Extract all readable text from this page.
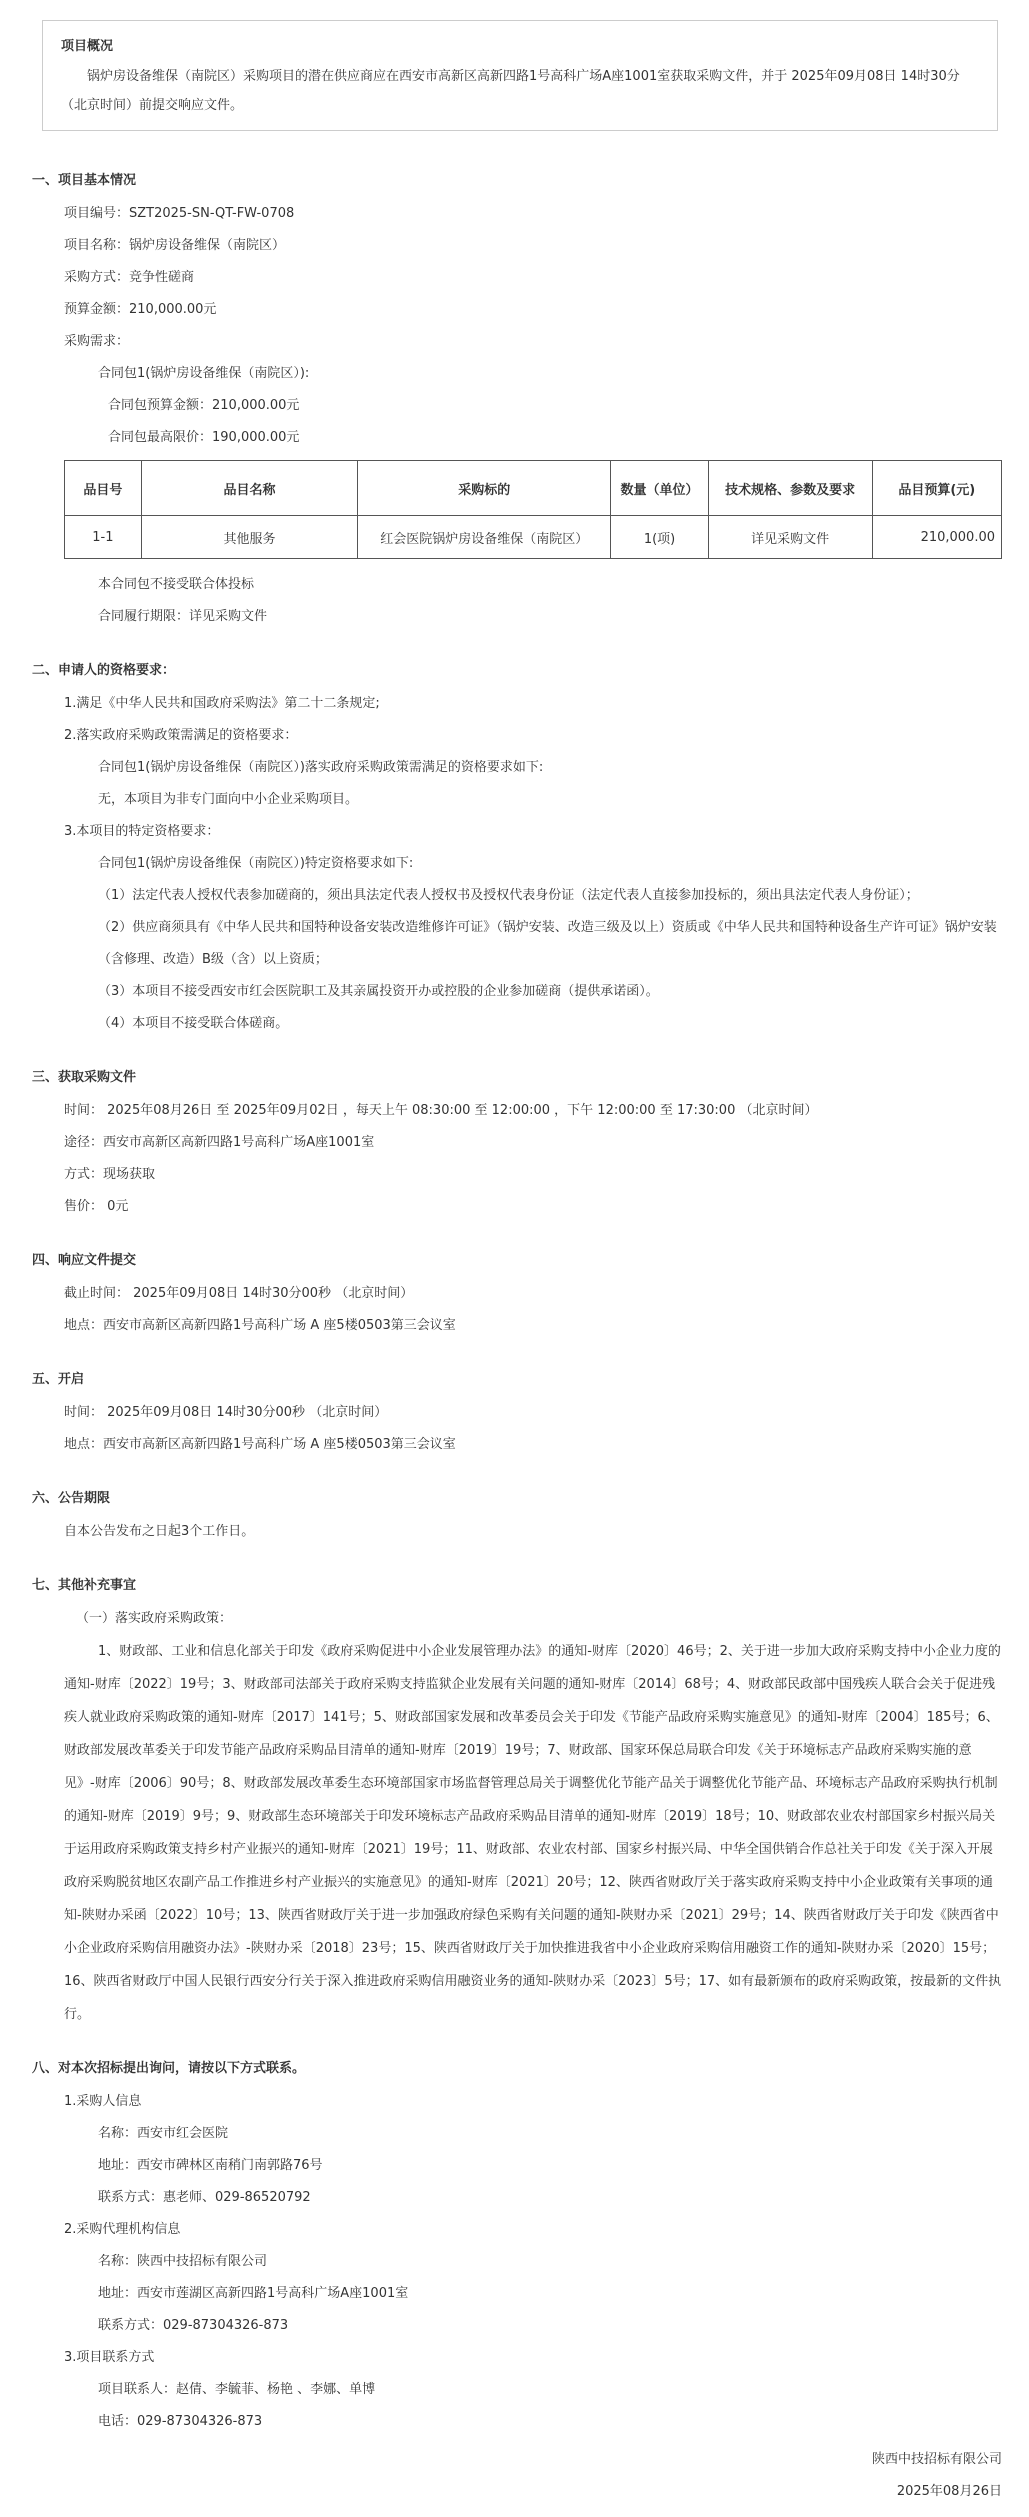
项目概况
锅炉房设备维保（南院区）采购项目的潜在供应商应在西安市高新区高新四路1号高科广场A座1001室获取采购文件，并于 2025年09月08日 14时30分 （北京时间）前提交响应文件。
一、项目基本情况
项目编号：SZT2025-SN-QT-FW-0708
项目名称：锅炉房设备维保（南院区）
采购方式：竞争性磋商
预算金额：210,000.00元
采购需求：
合同包1(锅炉房设备维保（南院区）):
合同包预算金额：210,000.00元
合同包最高限价：190,000.00元
品目号	品目名称	采购标的	数量（单位）	技术规格、参数及要求	品目预算(元)
1-1	其他服务	红会医院锅炉房设备维保（南院区）	1(项)	详见采购文件	210,000.00
本合同包不接受联合体投标
合同履行期限：详见采购文件
二、申请人的资格要求：
1.满足《中华人民共和国政府采购法》第二十二条规定;
2.落实政府采购政策需满足的资格要求：
合同包1(锅炉房设备维保（南院区）)落实政府采购政策需满足的资格要求如下:
无，本项目为非专门面向中小企业采购项目。
3.本项目的特定资格要求：
合同包1(锅炉房设备维保（南院区）)特定资格要求如下:
（1）法定代表人授权代表参加磋商的，须出具法定代表人授权书及授权代表身份证（法定代表人直接参加投标的，须出具法定代表人身份证）；
（2）供应商须具有《中华人民共和国特种设备安装改造维修许可证》（锅炉安装、改造三级及以上）资质或《中华人民共和国特种设备生产许可证》锅炉安装（含修理、改造）B级（含）以上资质；
（3）本项目不接受西安市红会医院职工及其亲属投资开办或控股的企业参加磋商（提供承诺函）。
（4）本项目不接受联合体磋商。
三、获取采购文件
时间： 2025年08月26日 至 2025年09月02日 ，每天上午 08:30:00 至 12:00:00 ，下午 12:00:00 至 17:30:00 （北京时间）
途径：西安市高新区高新四路1号高科广场A座1001室
方式：现场获取
售价： 0元
四、响应文件提交
截止时间： 2025年09月08日 14时30分00秒 （北京时间）
地点：西安市高新区高新四路1号高科广场 A 座5楼0503第三会议室
五、开启
时间： 2025年09月08日 14时30分00秒 （北京时间）
地点：西安市高新区高新四路1号高科广场 A 座5楼0503第三会议室
六、公告期限
自本公告发布之日起3个工作日。
七、其他补充事宜
（一）落实政府采购政策：
1、财政部、工业和信息化部关于印发《政府采购促进中小企业发展管理办法》的通知-财库〔2020〕46号；2、关于进一步加大政府采购支持中小企业力度的通知-财库〔2022〕19号；3、财政部司法部关于政府采购支持监狱企业发展有关问题的通知-财库〔2014〕68号；4、财政部民政部中国残疾人联合会关于促进残疾人就业政府采购政策的通知-财库〔2017〕141号；5、财政部国家发展和改革委员会关于印发《节能产品政府采购实施意见》的通知-财库〔2004〕185号；6、财政部发展改革委关于印发节能产品政府采购品目清单的通知-财库〔2019〕19号；7、财政部、国家环保总局联合印发《关于环境标志产品政府采购实施的意见》-财库〔2006〕90号；8、财政部发展改革委生态环境部国家市场监督管理总局关于调整优化节能产品关于调整优化节能产品、环境标志产品政府采购执行机制的通知-财库〔2019〕9号；9、财政部生态环境部关于印发环境标志产品政府采购品目清单的通知-财库〔2019〕18号；10、财政部农业农村部国家乡村振兴局关于运用政府采购政策支持乡村产业振兴的通知-财库〔2021〕19号；11、财政部、农业农村部、国家乡村振兴局、中华全国供销合作总社关于印发《关于深入开展政府采购脱贫地区农副产品工作推进乡村产业振兴的实施意见》的通知-财库〔2021〕20号；12、陕西省财政厅关于落实政府采购支持中小企业政策有关事项的通知-陕财办采函〔2022〕10号；13、陕西省财政厅关于进一步加强政府绿色采购有关问题的通知-陕财办采〔2021〕29号；14、陕西省财政厅关于印发《陕西省中小企业政府采购信用融资办法》-陕财办采〔2018〕23号；15、陕西省财政厅关于加快推进我省中小企业政府采购信用融资工作的通知-陕财办采〔2020〕15号；16、陕西省财政厅中国人民银行西安分行关于深入推进政府采购信用融资业务的通知-陕财办采〔2023〕5号；17、如有最新颁布的政府采购政策，按最新的文件执行。
八、对本次招标提出询问，请按以下方式联系。
1.采购人信息
名称：西安市红会医院
地址：西安市碑林区南稍门南郭路76号
联系方式：惠老师、029-86520792
2.采购代理机构信息
名称：陕西中技招标有限公司
地址：西安市莲湖区高新四路1号高科广场A座1001室
联系方式：029-87304326-873
3.项目联系方式
项目联系人：赵倩、李毓菲、杨艳 、李娜、单博
电话：029-87304326-873
陕西中技招标有限公司
2025年08月26日
